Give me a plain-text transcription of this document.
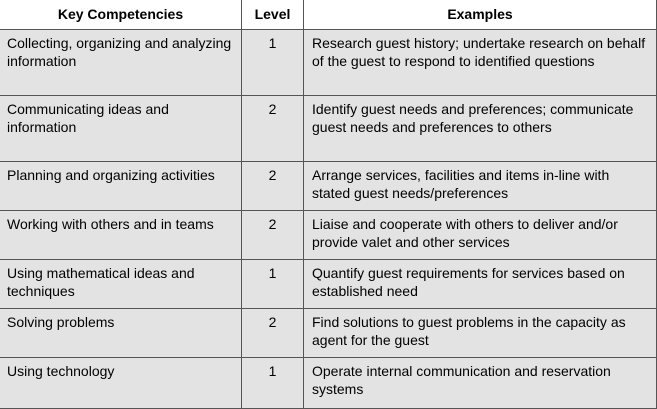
Key Competencies	Level	Examples
Collecting, organizing and analyzing information	1	Research guest history; undertake research on behalf of the guest to respond to identified questions
Communicating ideas and information	2	Identify guest needs and preferences; communicate guest needs and preferences to others
Planning and organizing activities	2	Arrange services, facilities and items in-line with stated guest needs/preferences
Working with others and in teams	2	Liaise and cooperate with others to deliver and/or provide valet and other services
Using mathematical ideas and techniques	1	Quantify guest requirements for services based on established need
Solving problems	2	Find solutions to guest problems in the capacity as agent for the guest
Using technology	1	Operate internal communication and reservation systems
